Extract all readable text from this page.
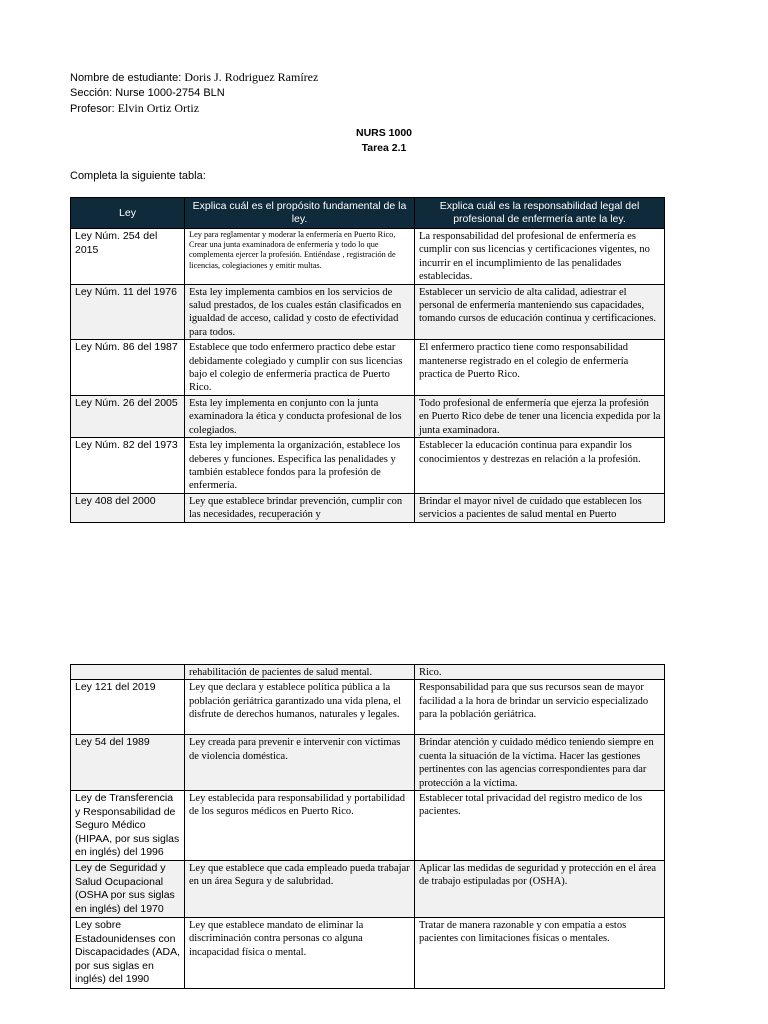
Nombre de estudiante: Doris J. Rodriguez Ramírez
Sección: Nurse 1000-2754 BLN
Profesor: Elvin Ortiz Ortiz
NURS 1000
Tarea 2.1
Completa la siguiente tabla:
Ley	Explica cuál es el propósito fundamental de la ley.	Explica cuál es la responsabilidad legal del profesional de enfermería ante la ley.
Ley Núm. 254 del 2015	Ley para reglamentar y moderar la enfermería en Puerto Rico, Crear una junta examinadora de enfermería y todo lo que complementa ejercer la profesión. Entiéndase , registración de licencias, colegiaciones y emitir multas.	La responsabilidad del profesional de enfermería es cumplir con sus licencias y certificaciones vigentes, no incurrir en el incumplimiento de las penalidades establecidas.
Ley Núm. 11 del 1976	Esta ley implementa cambios en los servicios de salud prestados, de los cuales están clasificados en igualdad de acceso, calidad y costo de efectividad para todos.	Establecer un servicio de alta calidad, adiestrar el personal de enfermería manteniendo sus capacidades, tomando cursos de educación continua y certificaciones.
Ley Núm. 86 del 1987	Establece que todo enfermero practico debe estar debidamente colegiado y cumplir con sus licencias bajo el colegio de enfermería practica de Puerto Rico.	El enfermero practico tiene como responsabilidad mantenerse registrado en el colegio de enfermería practica de Puerto Rico.
Ley Núm. 26 del 2005	Esta ley implementa en conjunto con la junta examinadora la ética y conducta profesional de los colegiados.	Todo profesional de enfermería que ejerza la profesión en Puerto Rico debe de tener una licencia expedida por la junta examinadora.
Ley Núm. 82 del 1973	Esta ley implementa la organización, establece los deberes y funciones. Especifica las penalidades y también establece fondos para la profesión de enfermería.	Establecer la educación continua para expandir los conocimientos y destrezas en relación a la profesión.
Ley 408 del 2000	Ley que establece brindar prevención, cumplir con las necesidades, recuperación y	Brindar el mayor nivel de cuidado que establecen los servicios a pacientes de salud mental en Puerto
	rehabilitación de pacientes de salud mental.	Rico.
Ley 121 del 2019	Ley que declara y establece política pública a la población geriátrica garantizado una vida plena, el disfrute de derechos humanos, naturales y legales.	Responsabilidad para que sus recursos sean de mayor facilidad a la hora de brindar un servicio especializado para la población geriátrica.
Ley 54 del 1989	Ley creada para prevenir e intervenir con víctimas de violencia doméstica.	Brindar atención y cuidado médico teniendo siempre en cuenta la situación de la víctima. Hacer las gestiones pertinentes con las agencias correspondientes para dar protección a la víctima.
Ley de Transferencia y Responsabilidad de Seguro Médico (HIPAA, por sus siglas en inglés) del 1996	Ley establecida para responsabilidad y portabilidad de los seguros médicos en Puerto Rico.	Establecer total privacidad del registro medico de los pacientes.
Ley de Seguridad y Salud Ocupacional (OSHA por sus siglas en inglés) del 1970	Ley que establece que cada empleado pueda trabajar en un área Segura y de salubridad.	Aplicar las medidas de seguridad y protección en el área de trabajo estipuladas por (OSHA).
Ley sobre Estadounidenses con Discapacidades (ADA, por sus siglas en inglés) del 1990	Ley que establece mandato de eliminar la discriminación contra personas co alguna incapacidad física o mental.	Tratar de manera razonable y con empatía a estos pacientes con limitaciones físicas o mentales.
